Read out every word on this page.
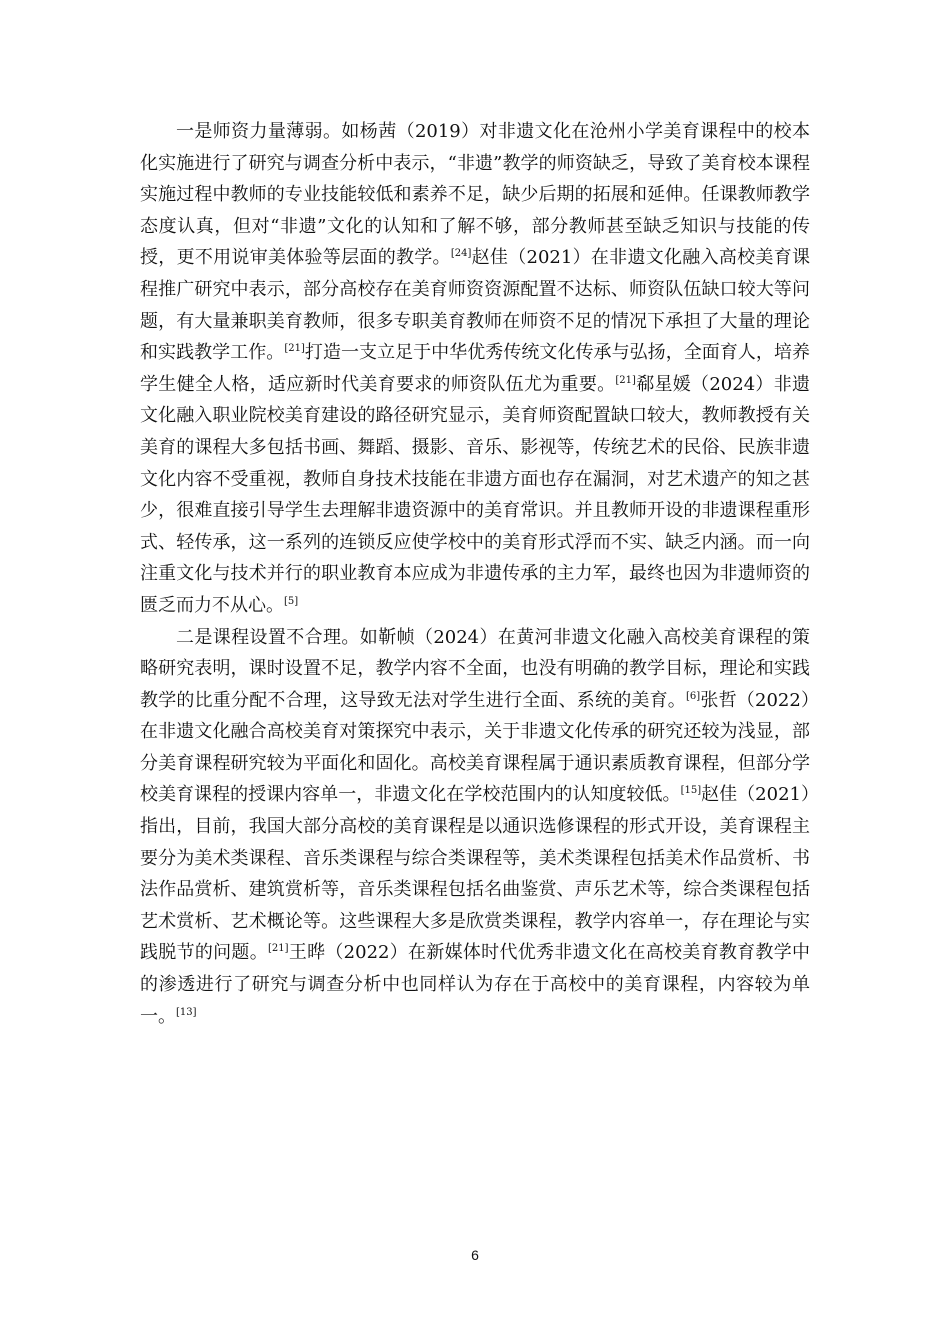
一是师资力量薄弱。如杨茜（2019）对非遗文化在沧州小学美育课程中的校本化实施进行了研究与调查分析中表示，“非遗”教学的师资缺乏，导致了美育校本课程实施过程中教师的专业技能较低和素养不足，缺少后期的拓展和延伸。任课教师教学态度认真，但对“非遗”文化的认知和了解不够，部分教师甚至缺乏知识与技能的传授，更不用说审美体验等层面的教学。[24]赵佳（2021）在非遗文化融入高校美育课程推广研究中表示，部分高校存在美育师资资源配置不达标、师资队伍缺口较大等问题，有大量兼职美育教师，很多专职美育教师在师资不足的情况下承担了大量的理论和实践教学工作。[21]打造一支立足于中华优秀传统文化传承与弘扬，全面育人，培养学生健全人格，适应新时代美育要求的师资队伍尤为重要。[21]郗星媛（2024）非遗文化融入职业院校美育建设的路径研究显示，美育师资配置缺口较大，教师教授有关美育的课程大多包括书画、舞蹈、摄影、音乐、影视等，传统艺术的民俗、民族非遗文化内容不受重视，教师自身技术技能在非遗方面也存在漏洞，对艺术遗产的知之甚少，很难直接引导学生去理解非遗资源中的美育常识。并且教师开设的非遗课程重形式、轻传承，这一系列的连锁反应使学校中的美育形式浮而不实、缺乏内涵。而一向注重文化与技术并行的职业教育本应成为非遗传承的主力军，最终也因为非遗师资的匮乏而力不从心。[5]

二是课程设置不合理。如靳帧（2024）在黄河非遗文化融入高校美育课程的策略研究表明，课时设置不足，教学内容不全面，也没有明确的教学目标，理论和实践教学的比重分配不合理，这导致无法对学生进行全面、系统的美育。[6]张哲（2022）在非遗文化融合高校美育对策探究中表示，关于非遗文化传承的研究还较为浅显，部分美育课程研究较为平面化和固化。高校美育课程属于通识素质教育课程，但部分学校美育课程的授课内容单一，非遗文化在学校范围内的认知度较低。[15]赵佳（2021）指出，目前，我国大部分高校的美育课程是以通识选修课程的形式开设，美育课程主要分为美术类课程、音乐类课程与综合类课程等，美术类课程包括美术作品赏析、书法作品赏析、建筑赏析等，音乐类课程包括名曲鉴赏、声乐艺术等，综合类课程包括艺术赏析、艺术概论等。这些课程大多是欣赏类课程，教学内容单一，存在理论与实践脱节的问题。[21]王晔（2022）在新媒体时代优秀非遗文化在高校美育教育教学中的渗透进行了研究与调查分析中也同样认为存在于高校中的美育课程，内容较为单一。[13]

6
